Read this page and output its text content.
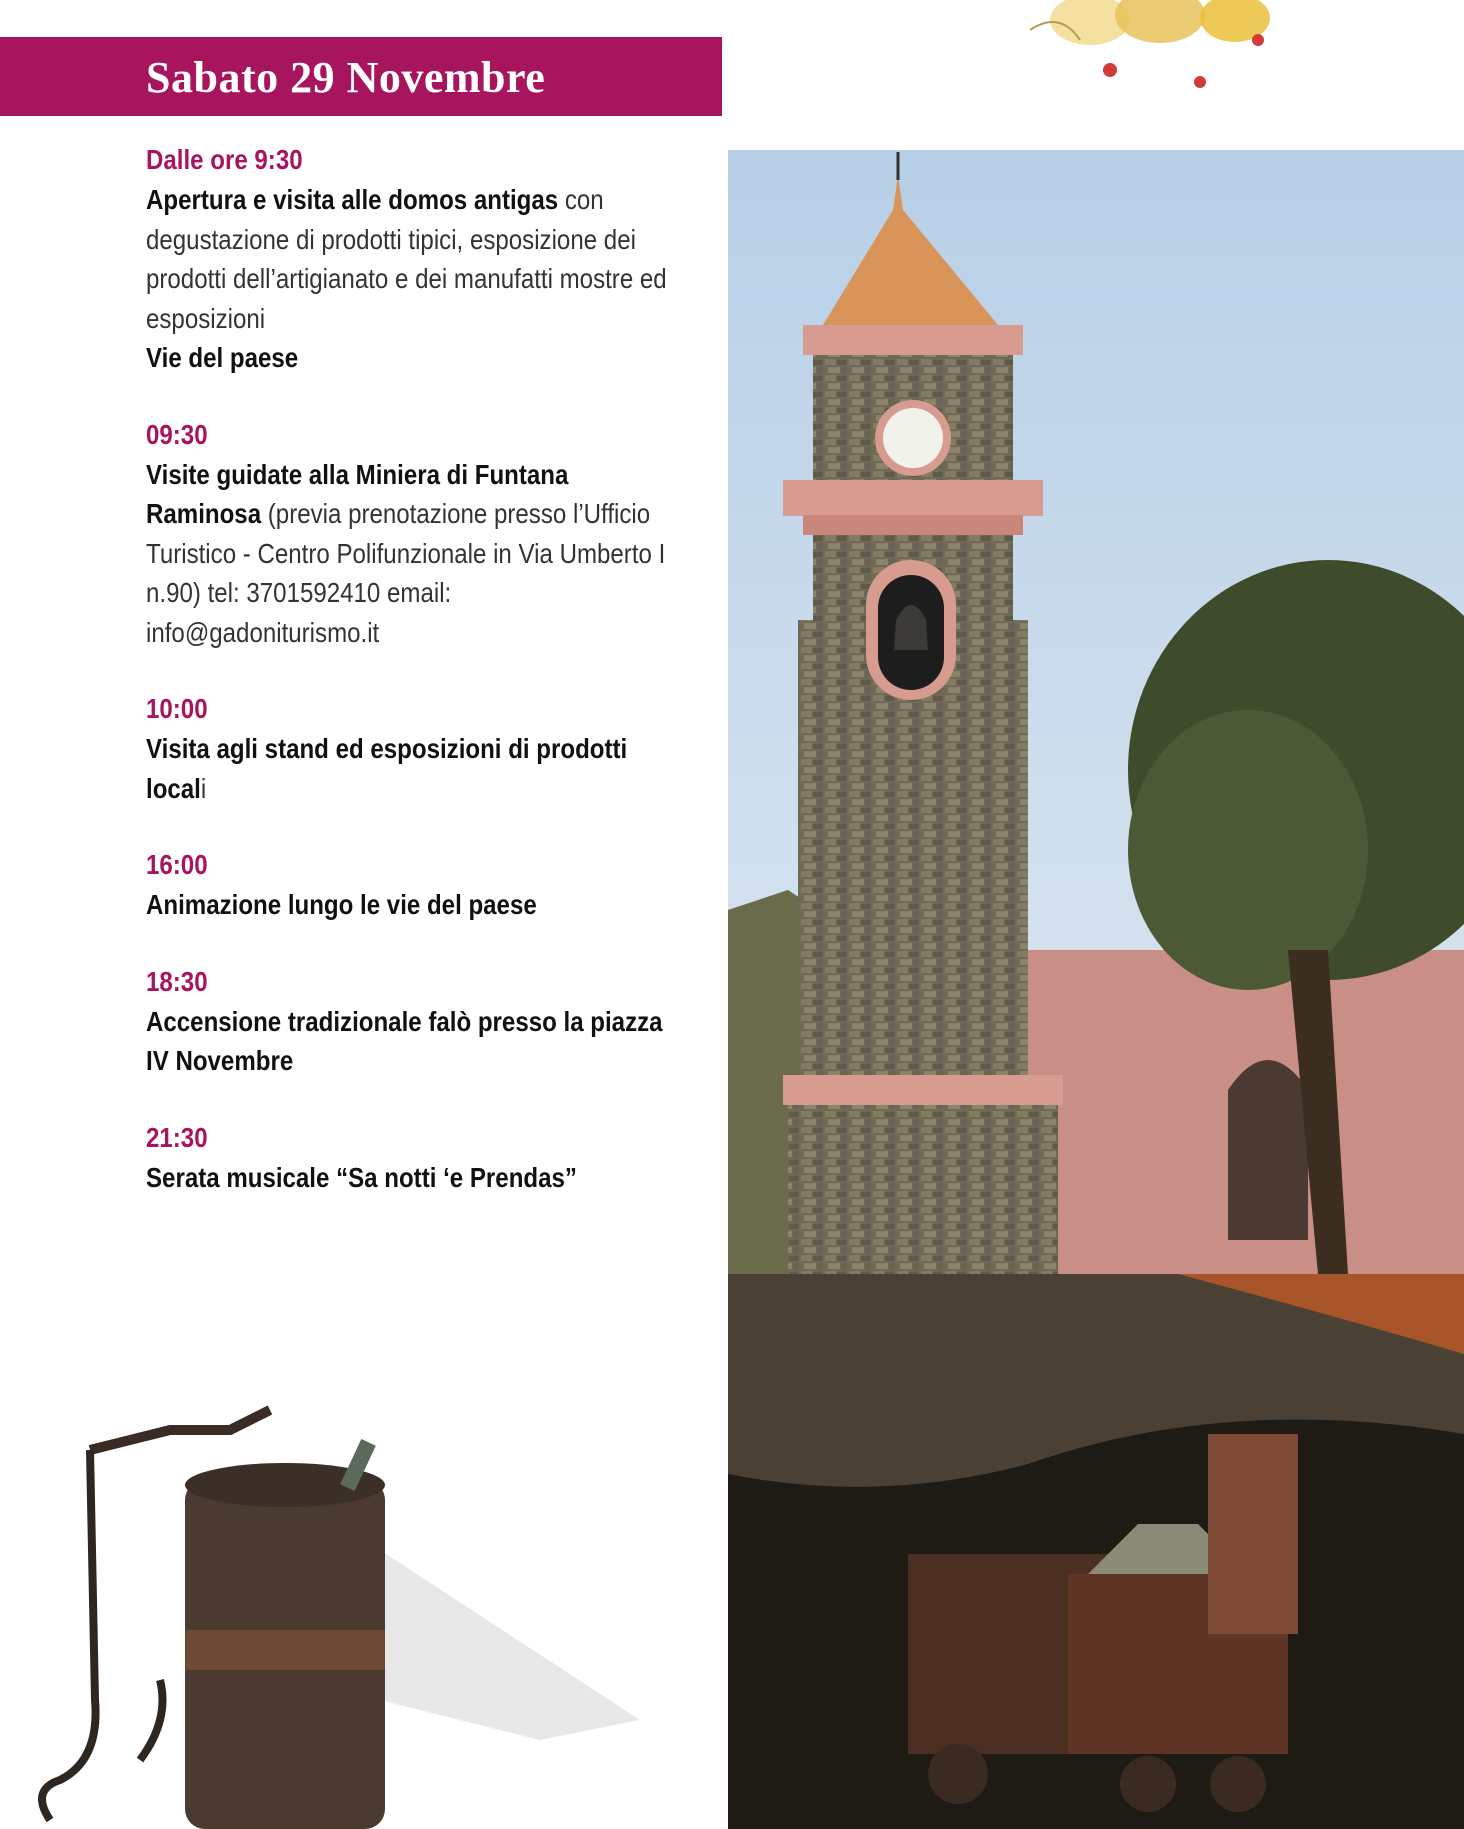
Sabato 29 Novembre
Dalle ore 9:30
Apertura e visita alle domos antigas con degustazione di prodotti tipici, esposizione dei prodotti dell’artigianato e dei manufatti mostre ed esposizioni
Vie del paese
09:30
Visite guidate alla Miniera di Funtana Raminosa (previa prenotazione presso l’Ufficio Turistico - Centro Polifunzionale in Via Umberto I n.90) tel: 3701592410 email: info@gadoniturismo.it
10:00
Visita agli stand ed esposizioni di prodotti locali
16:00
Animazione lungo le vie del paese
18:30
Accensione tradizionale falò presso la piazza IV Novembre
21:30
Serata musicale “Sa notti ‘e Prendas”
